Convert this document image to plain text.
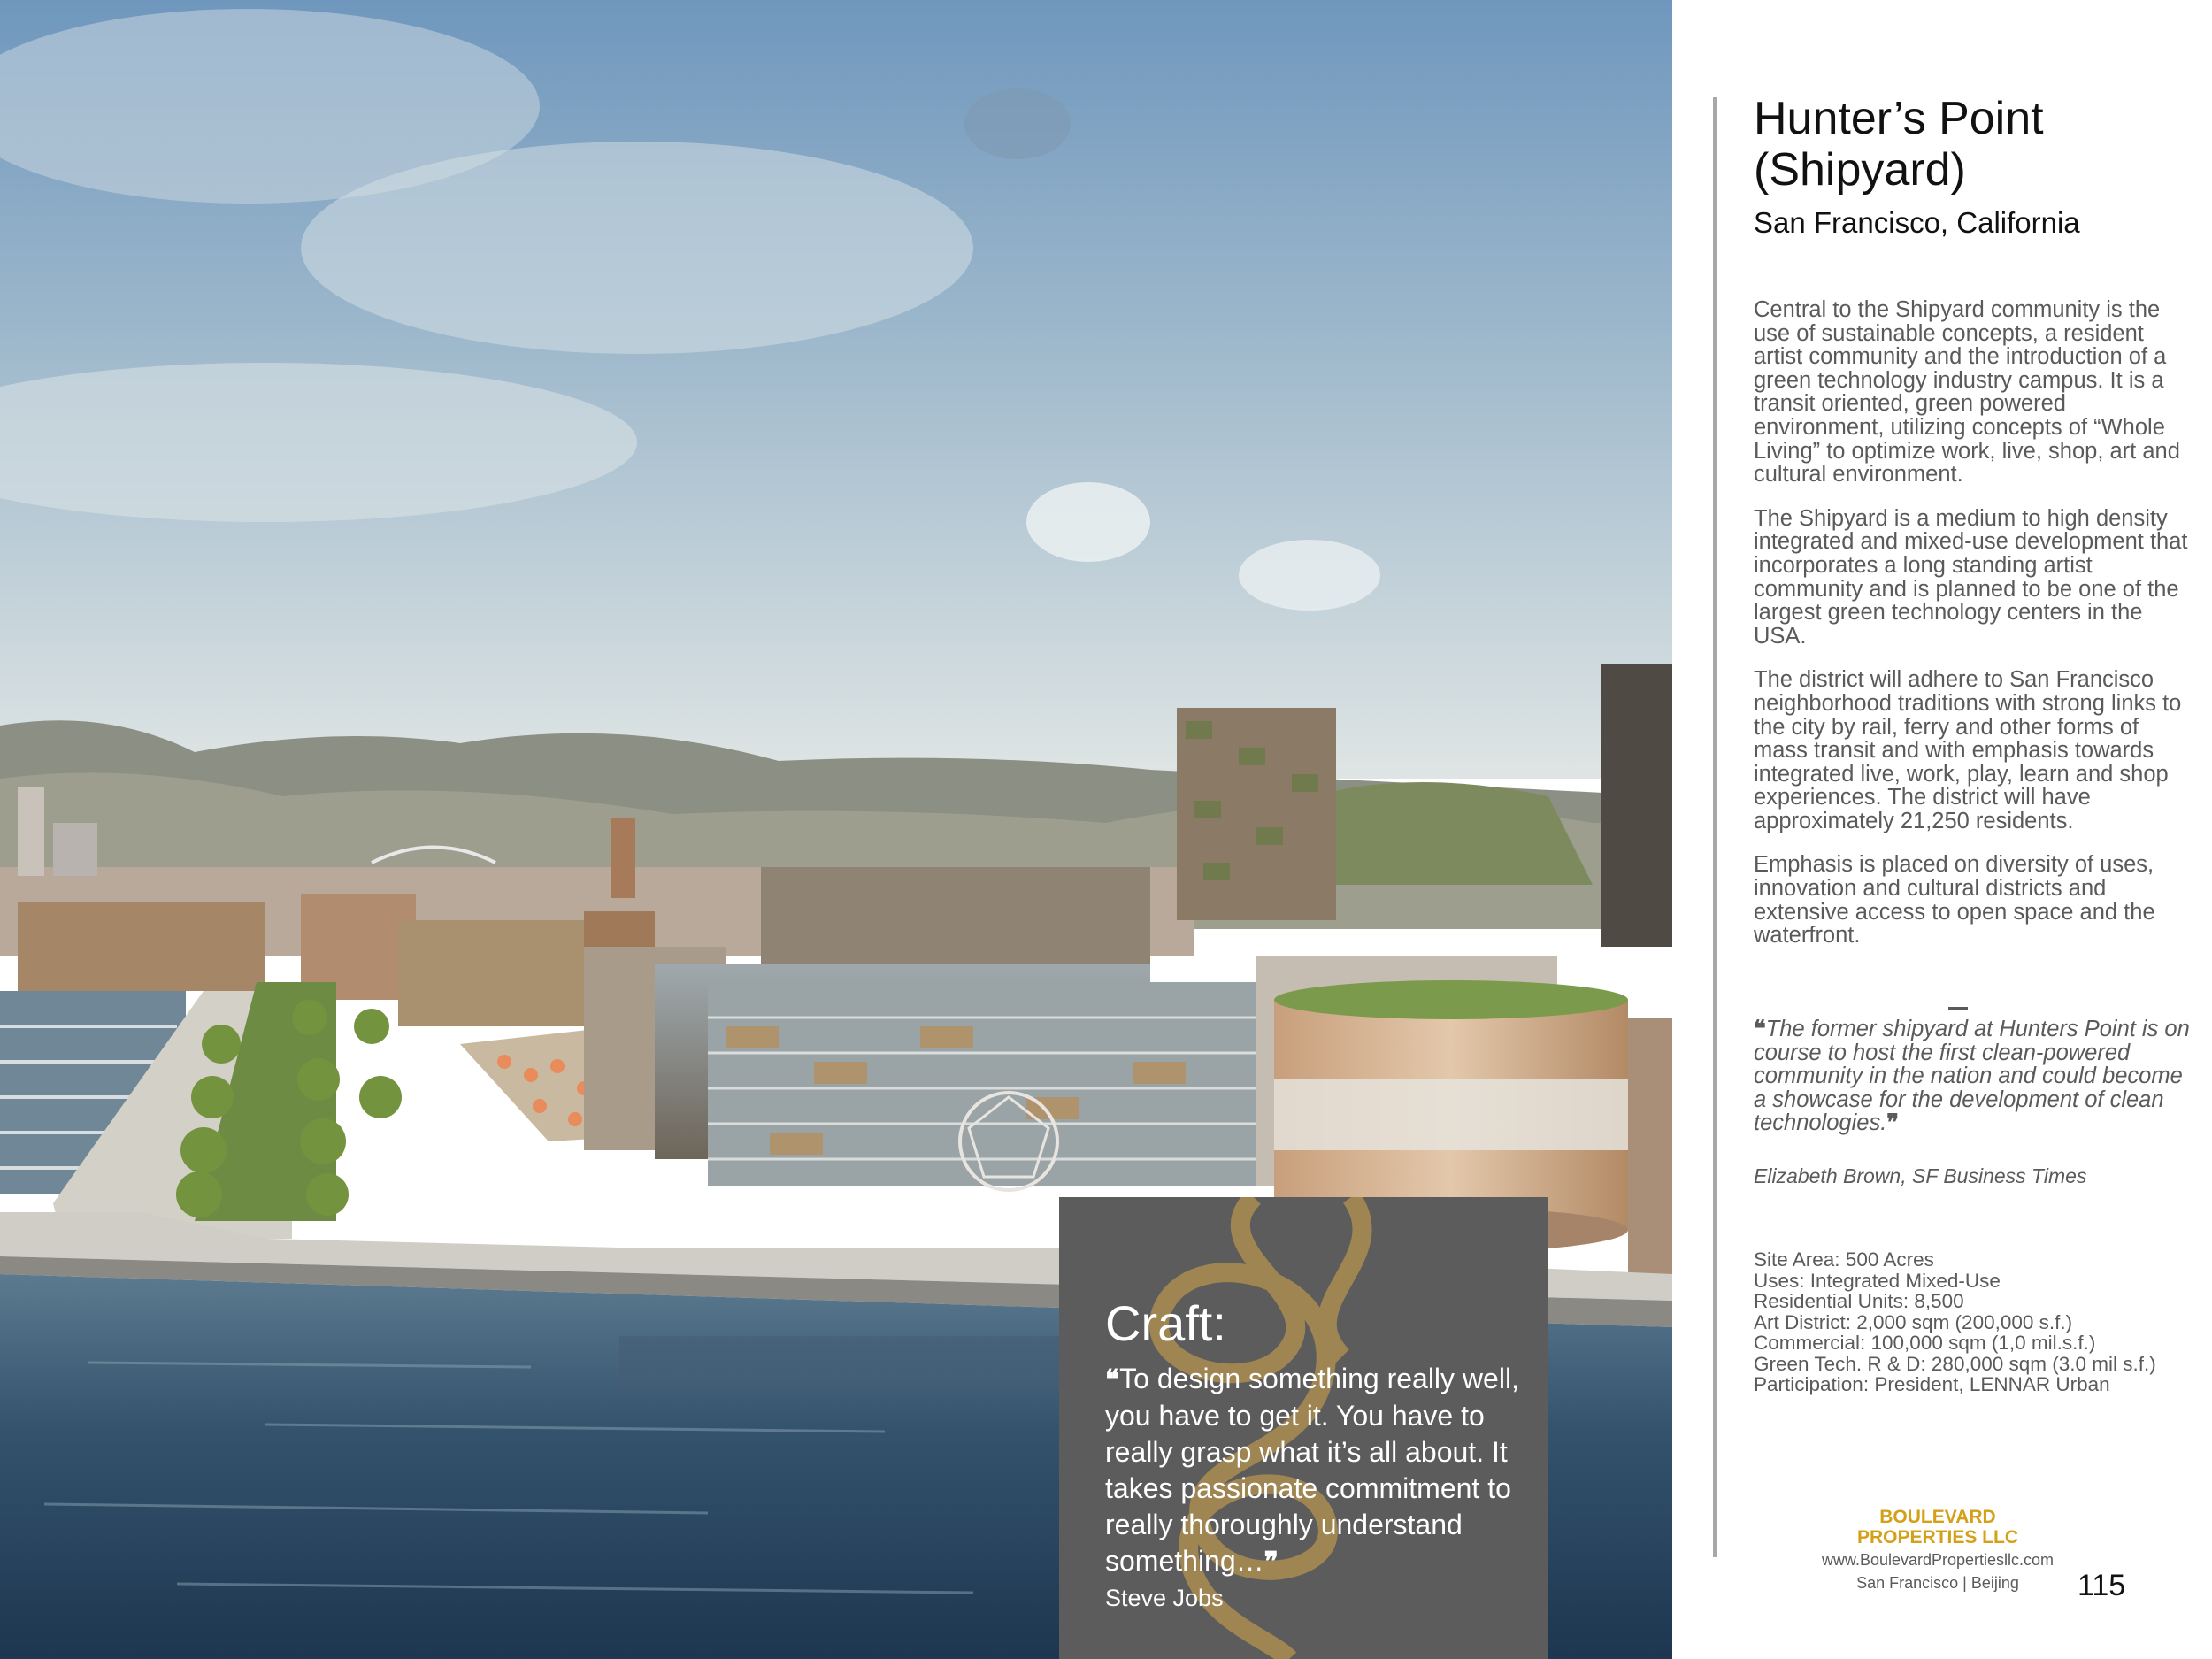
Craft:
❝To design something really well, you have to get it. You have to really grasp what it’s all about. It takes passionate commitment to really thoroughly understand something…❞
Steve Jobs
Hunter’s Point (Shipyard)
San Francisco, California

Central to the Shipyard community is the use of sustainable concepts, a resident artist community and the introduction of a green technology industry campus. It is a transit oriented, green powered environment, utilizing concepts of “Whole Living” to optimize work, live, shop, art and cultural environment.

The Shipyard is a medium to high density integrated and mixed-use development that incorporates a long standing artist community and is planned to be one of the largest green technology centers in the USA.

The district will adhere to San Francisco neighborhood traditions with strong links to the city by rail, ferry and other forms of mass transit and with emphasis towards integrated live, work, play, learn and shop experiences. The district will have approximately 21,250 residents.

Emphasis is placed on diversity of uses, innovation and cultural districts and extensive access to open space and the waterfront.

❝The former shipyard at Hunters Point is on course to host the first clean-powered community in the nation and could become a showcase for the development of clean technologies.❞
Elizabeth Brown, SF Business Times
Site Area: 500 Acres
Uses: Integrated Mixed-Use
Residential Units: 8,500
Art District: 2,000 sqm (200,000 s.f.)
Commercial: 100,000 sqm (1,0 mil.s.f.)
Green Tech. R & D: 280,000 sqm (3.0 mil s.f.)
Participation: President, LENNAR Urban
BOULEVARD
PROPERTIES LLC
www.BoulevardPropertiesllc.com
San Francisco | Beijing	115
